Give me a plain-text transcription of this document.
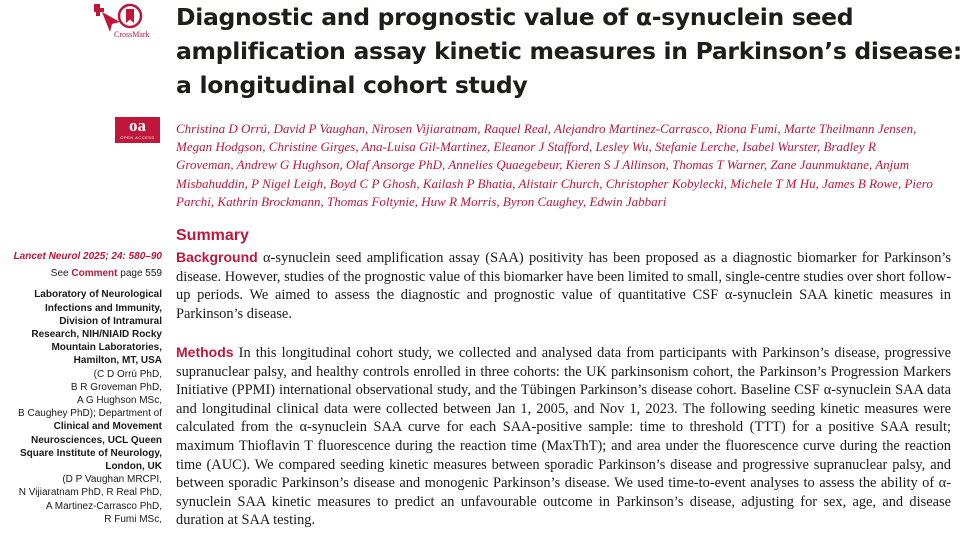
CrossMark
Diagnostic and prognostic value of α-synuclein seed amplification assay kinetic measures in Parkinson’s disease: a longitudinal cohort study
oa
OPEN ACCESS

Christina D Orrú, David P Vaughan, Nirosen Vijiaratnam, Raquel Real, Alejandro Martinez-Carrasco, Riona Fumi, Marte Theilmann Jensen, Megan Hodgson, Christine Girges, Ana-Luisa Gil-Martinez, Eleanor J Stafford, Lesley Wu, Stefanie Lerche, Isabel Wurster, Bradley R Groveman, Andrew G Hughson, Olaf Ansorge PhD, Annelies Quaegebeur, Kieren S J Allinson, Thomas T Warner, Zane Jaunmuktane, Anjum Misbahuddin, P Nigel Leigh, Boyd C P Ghosh, Kailash P Bhatia, Alistair Church, Christopher Kobylecki, Michele T M Hu, James B Rowe, Piero Parchi, Kathrin Brockmann, Thomas Foltynie, Huw R Morris, Byron Caughey, Edwin Jabbari

Lancet Neurol 2025; 24: 580–90
See Comment page 559
Laboratory of Neurological
Infections and Immunity,
Division of Intramural
Research, NIH/NIAID Rocky
Mountain Laboratories,
Hamilton, MT, USA
(C D Orrú PhD,
B R Groveman PhD,
A G Hughson MSc,
B Caughey PhD); Department of
Clinical and Movement
Neurosciences, UCL Queen
Square Institute of Neurology,
London, UK
(D P Vaughan MRCPI,
N Vijiaratnam PhD, R Real PhD,
A Martinez-Carrasco PhD,
R Fumi MSc,
Summary

Background α-synuclein seed amplification assay (SAA) positivity has been proposed as a diagnostic biomarker for Parkinson’s disease. However, studies of the prognostic value of this biomarker have been limited to small, single-centre studies over short follow-up periods. We aimed to assess the diagnostic and prognostic value of quantitative CSF α-synuclein SAA kinetic measures in Parkinson’s disease.

Methods In this longitudinal cohort study, we collected and analysed data from participants with Parkinson’s disease, progressive supranuclear palsy, and healthy controls enrolled in three cohorts: the UK parkinsonism cohort, the Parkinson’s Progression Markers Initiative (PPMI) international observational study, and the Tübingen Parkinson’s disease cohort. Baseline CSF α-synuclein SAA data and longitudinal clinical data were collected between Jan 1, 2005, and Nov 1, 2023. The following seeding kinetic measures were calculated from the α-synuclein SAA curve for each SAA-positive sample: time to threshold (TTT) for a positive SAA result; maximum Thioflavin T fluorescence during the reaction time (MaxThT); and area under the fluorescence curve during the reaction time (AUC). We compared seeding kinetic measures between sporadic Parkinson’s disease and progressive supranuclear palsy, and between sporadic Parkinson’s disease and monogenic Parkinson’s disease. We used time-to-event analyses to assess the ability of α-synuclein SAA kinetic measures to predict an unfavourable outcome in Parkinson’s disease, adjusting for sex, age, and disease duration at SAA testing.
